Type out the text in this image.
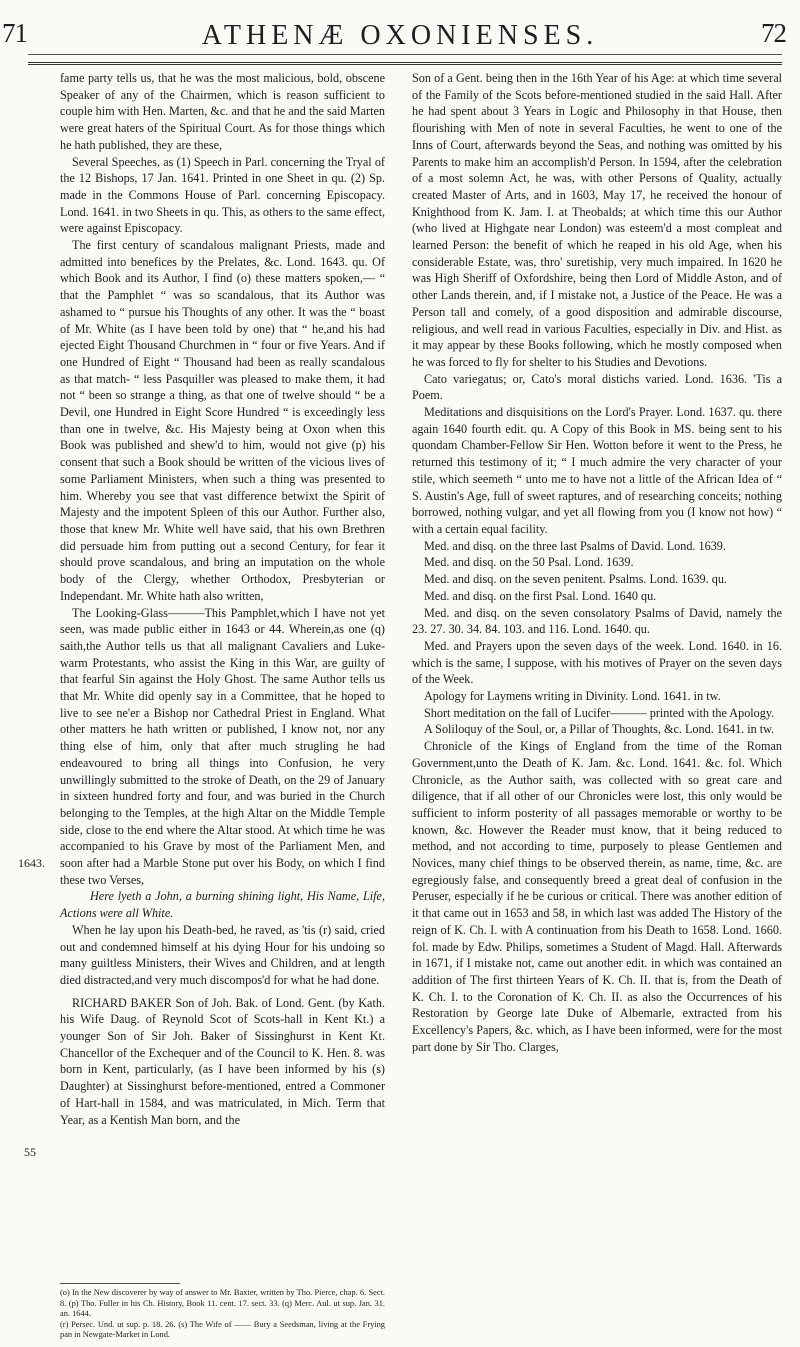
71	ATHENÆ OXONIENSES.	72
1643.
55

fame party tells us, that he was the most malicious, bold, obscene Speaker of any of the Chairmen, which is reason sufficient to couple him with Hen. Marten, &c. and that he and the said Marten were great haters of the Spiritual Court. As for those things which he hath published, they are these,

Several Speeches, as (1) Speech in Parl. concerning the Tryal of the 12 Bishops, 17 Jan. 1641. Printed in one Sheet in qu. (2) Sp. made in the Commons House of Parl. concerning Episcopacy. Lond. 1641. in two Sheets in qu. This, as others to the same effect, were against Episcopacy.

The first century of scandalous malignant Priests, made and admitted into benefices by the Prelates, &c. Lond. 1643. qu. Of which Book and its Author, I find (o) these matters spoken,— “ that the Pamphlet “ was so scandalous, that its Author was ashamed to “ pursue his Thoughts of any other. It was the “ boast of Mr. White (as I have been told by one) that “ he,and his had ejected Eight Thousand Churchmen in “ four or five Years. And if one Hundred of Eight “ Thousand had been as really scandalous as that match- “ less Pasquiller was pleased to make them, it had not “ been so strange a thing, as that one of twelve should “ be a Devil, one Hundred in Eight Score Hundred “ is exceedingly less than one in twelve, &c. His Majesty being at Oxon when this Book was published and shew'd to him, would not give (p) his consent that such a Book should be written of the vicious lives of some Parliament Ministers, when such a thing was presented to him. Whereby you see that vast difference betwixt the Spirit of Majesty and the impotent Spleen of this our Author. Further also, those that knew Mr. White well have said, that his own Brethren did persuade him from putting out a second Century, for fear it should prove scandalous, and bring an imputation on the whole body of the Clergy, whether Orthodox, Presbyterian or Independant. Mr. White hath also written,

The Looking-Glass———This Pamphlet,which I have not yet seen, was made public either in 1643 or 44. Wherein,as one (q) saith,the Author tells us that all malignant Cavaliers and Luke-warm Protestants, who assist the King in this War, are guilty of that fearful Sin against the Holy Ghost. The same Author tells us that Mr. White did openly say in a Committee, that he hoped to live to see ne'er a Bishop nor Cathedral Priest in England. What other matters he hath written or published, I know not, nor any thing else of him, only that after much strugling he had endeavoured to bring all things into Confusion, he very unwillingly submitted to the stroke of Death, on the 29 of January in sixteen hundred forty and four, and was buried in the Church belonging to the Temples, at the high Altar on the Middle Temple side, close to the end where the Altar stood. At which time he was accompanied to his Grave by most of the Parliament Men, and soon after had a Marble Stone put over his Body, on which I find these two Verses,

Here lyeth a John, a burning shining light, His Name, Life, Actions were all White.

When he lay upon his Death-bed, he raved, as 'tis (r) said, cried out and condemned himself at his dying Hour for his undoing so many guiltless Ministers, their Wives and Children, and at length died distracted,and very much discompos'd for what he had done.

RICHARD BAKER Son of Joh. Bak. of Lond. Gent. (by Kath. his Wife Daug. of Reynold Scot of Scots-hall in Kent Kt.) a younger Son of Sir Joh. Baker of Sissinghurst in Kent Kt. Chancellor of the Exchequer and of the Council to K. Hen. 8. was born in Kent, particularly, (as I have been informed by his (s) Daughter) at Sissinghurst before-mentioned, entred a Commoner of Hart-hall in 1584, and was matriculated, in Mich. Term that Year, as a Kentish Man born, and the

Son of a Gent. being then in the 16th Year of his Age: at which time several of the Family of the Scots before-mentioned studied in the said Hall. After he had spent about 3 Years in Logic and Philosophy in that House, then flourishing with Men of note in several Faculties, he went to one of the Inns of Court, afterwards beyond the Seas, and nothing was omitted by his Parents to make him an accomplish'd Person. In 1594, after the celebration of a most solemn Act, he was, with other Persons of Quality, actually created Master of Arts, and in 1603, May 17, he received the honour of Knighthood from K. Jam. I. at Theobalds; at which time this our Author (who lived at Highgate near London) was esteem'd a most compleat and learned Person: the benefit of which he reaped in his old Age, when his considerable Estate, was, thro' suretiship, very much impaired. In 1620 he was High Sheriff of Oxfordshire, being then Lord of Middle Aston, and of other Lands therein, and, if I mistake not, a Justice of the Peace. He was a Person tall and comely, of a good disposition and admirable discourse, religious, and well read in various Faculties, especially in Div. and Hist. as it may appear by these Books following, which he mostly composed when he was forced to fly for shelter to his Studies and Devotions.

Cato variegatus; or, Cato's moral distichs varied. Lond. 1636. 'Tis a Poem.

Meditations and disquisitions on the Lord's Prayer. Lond. 1637. qu. there again 1640 fourth edit. qu. A Copy of this Book in MS. being sent to his quondam Chamber-Fellow Sir Hen. Wotton before it went to the Press, he returned this testimony of it; “ I much admire the very character of your stile, which seemeth “ unto me to have not a little of the African Idea of “ S. Austin's Age, full of sweet raptures, and of researching conceits; nothing borrowed, nothing vulgar, and yet all flowing from you (I know not how) “ with a certain equal facility.

Med. and disq. on the three last Psalms of David. Lond. 1639.

Med. and disq. on the 50 Psal. Lond. 1639.

Med. and disq. on the seven penitent. Psalms. Lond. 1639. qu.

Med. and disq. on the first Psal. Lond. 1640 qu.

Med. and disq. on the seven consolatory Psalms of David, namely the 23. 27. 30. 34. 84. 103. and 116. Lond. 1640. qu.

Med. and Prayers upon the seven days of the week. Lond. 1640. in 16. which is the same, I suppose, with his motives of Prayer on the seven days of the Week.

Apology for Laymens writing in Divinity. Lond. 1641. in tw.

Short meditation on the fall of Lucifer——— printed with the Apology.

A Soliloquy of the Soul, or, a Pillar of Thoughts, &c. Lond. 1641. in tw.

Chronicle of the Kings of England from the time of the Roman Government,unto the Death of K. Jam. &c. Lond. 1641. &c. fol. Which Chronicle, as the Author saith, was collected with so great care and diligence, that if all other of our Chronicles were lost, this only would be sufficient to inform posterity of all passages memorable or worthy to be known, &c. However the Reader must know, that it being reduced to method, and not according to time, purposely to please Gentlemen and Novices, many chief things to be observed therein, as name, time, &c. are egregiously false, and consequently breed a great deal of confusion in the Peruser, especially if he be curious or critical. There was another edition of it that came out in 1653 and 58, in which last was added The History of the reign of K. Ch. I. with A continuation from his Death to 1658. Lond. 1660. fol. made by Edw. Philips, sometimes a Student of Magd. Hall. Afterwards in 1671, if I mistake not, came out another edit. in which was contained an addition of The first thirteen Years of K. Ch. II. that is, from the Death of K. Ch. I. to the Coronation of K. Ch. II. as also the Occurrences of his Restoration by George late Duke of Albemarle, extracted from his Excellency's Papers, &c. which, as I have been informed, were for the most part done by Sir Tho. Clarges,

(o) In the New discoverer by way of answer to Mr. Baxter, written by Tho. Pierce, chap. 6. Sect. 8. (p) Tho. Fuller in his Ch. History, Book 11. cent. 17. sect. 33. (q) Merc. Aul. ut sup. Jan. 31. an. 1644.

(r) Persec. Und. ut sup. p. 18. 26. (s) The Wife of —— Bury a Seedsman, living at the Frying pan in Newgate-Market in Lond.
